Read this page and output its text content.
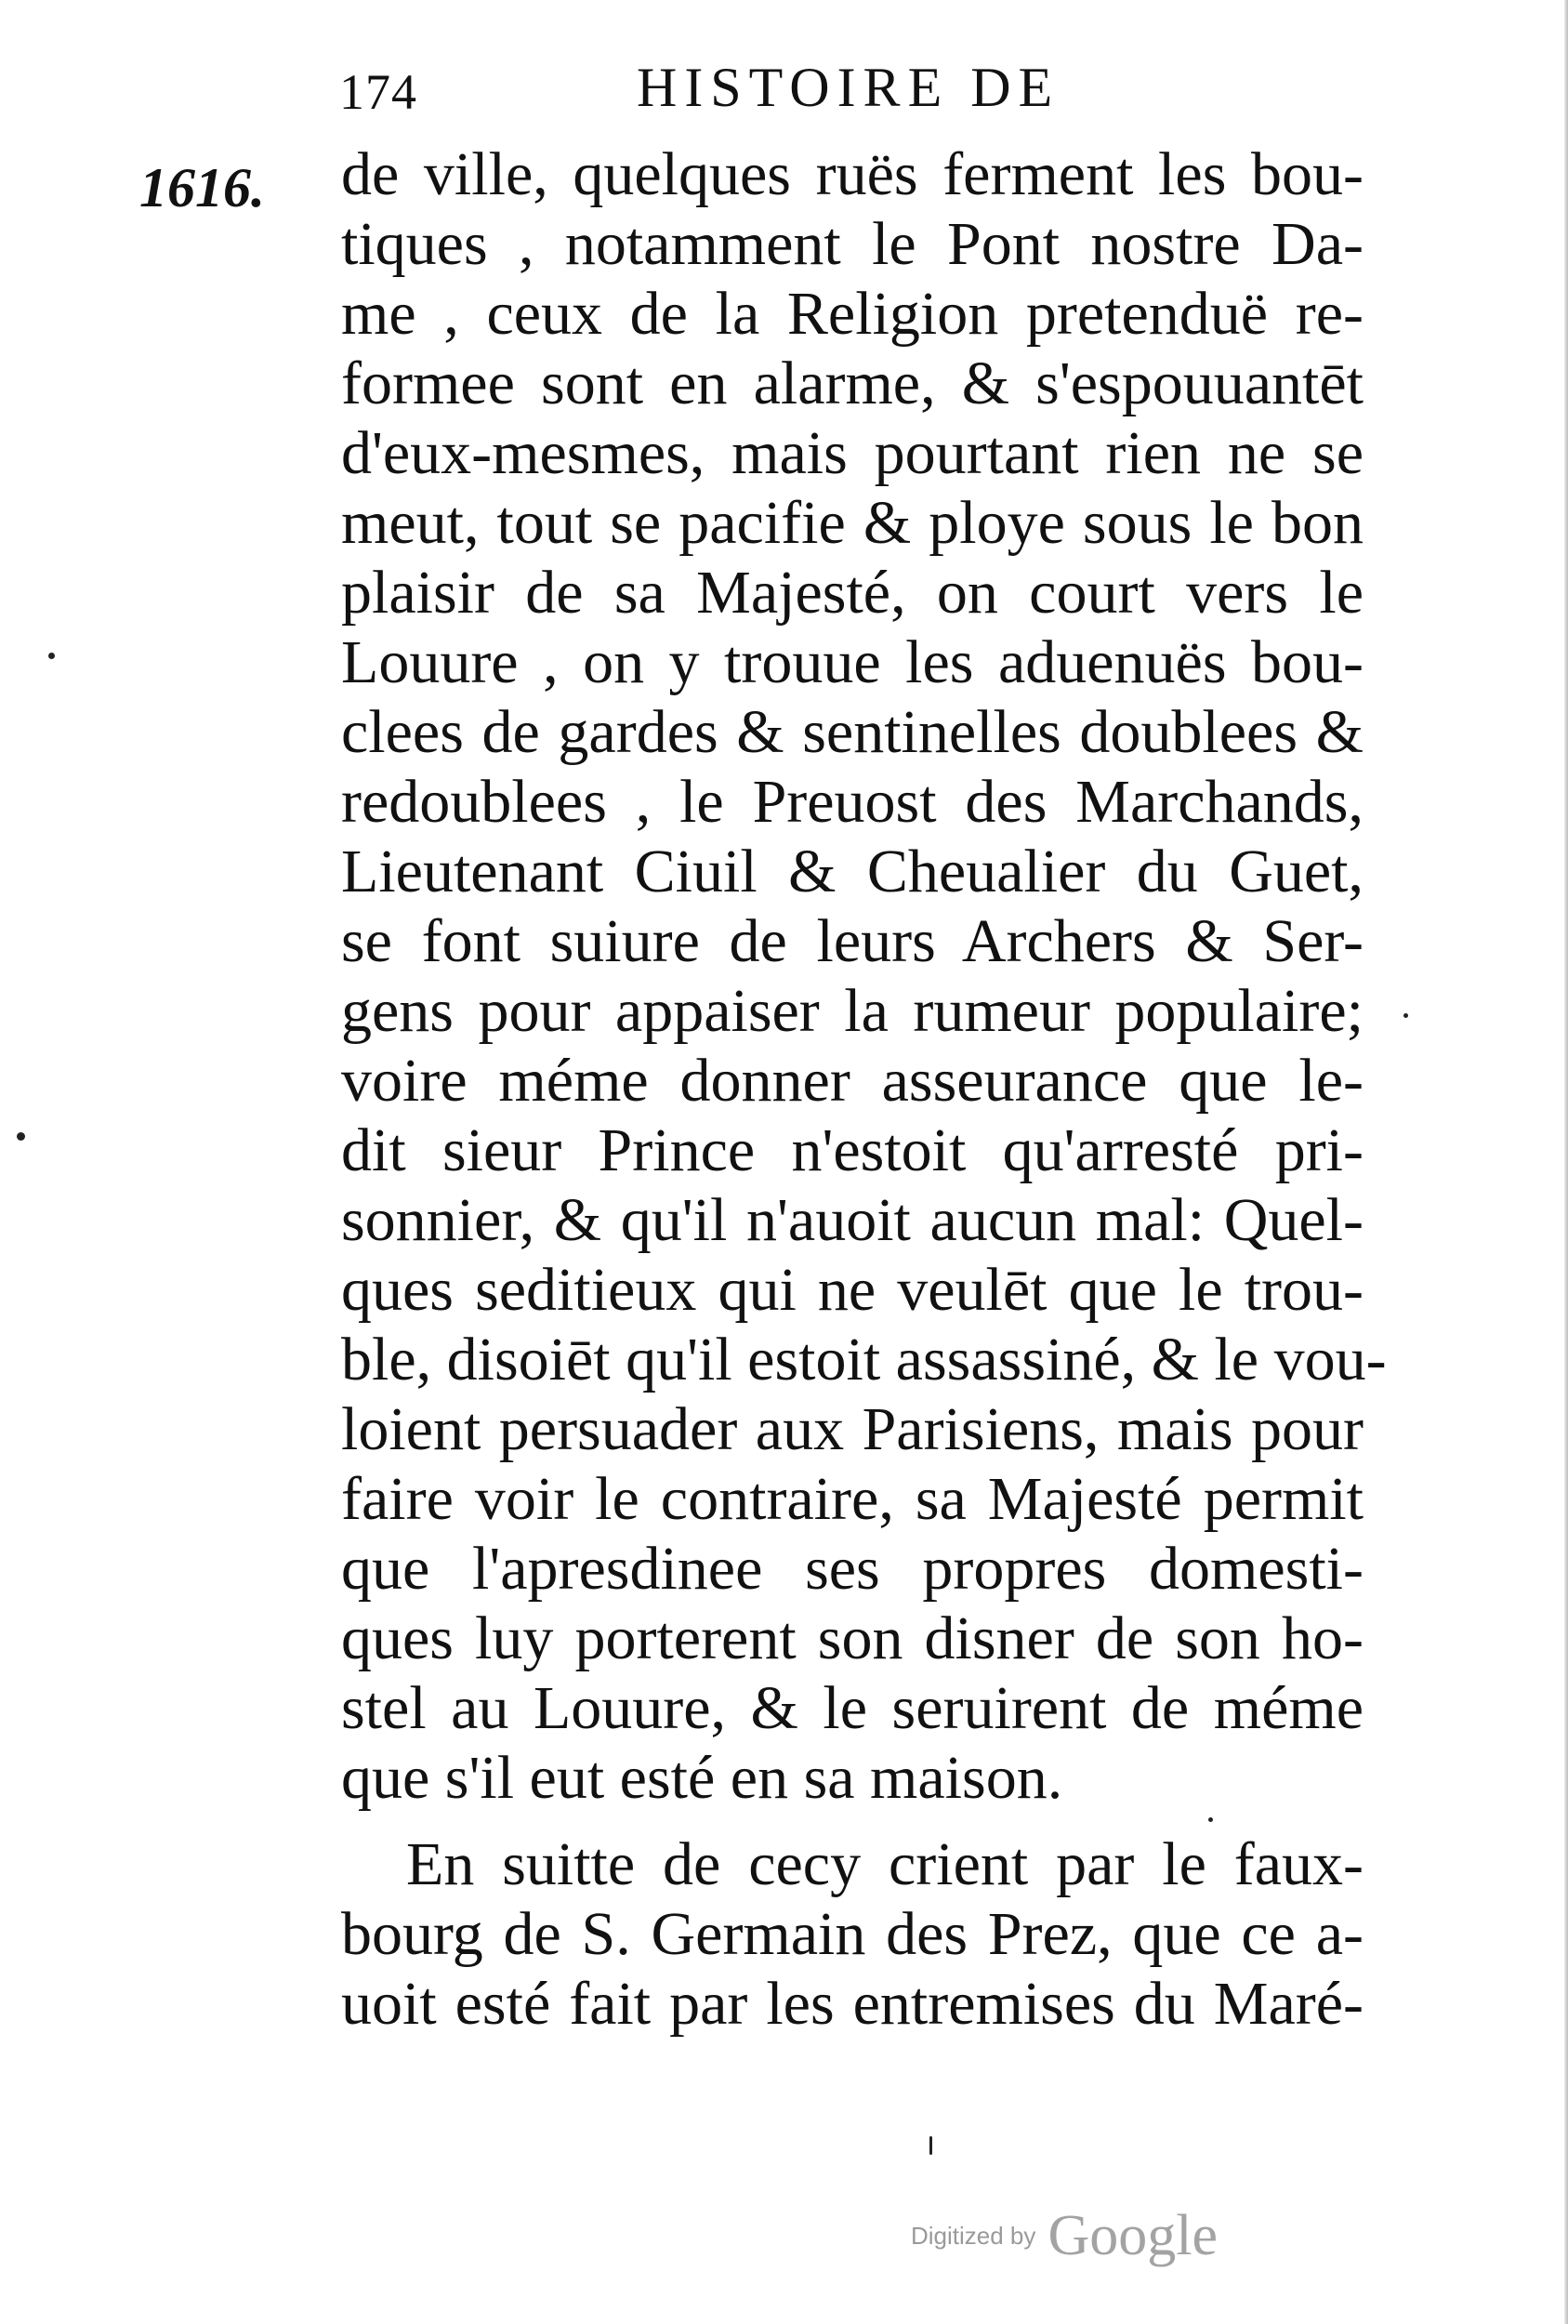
174	HISTOIRE DE
1616. de ville, quelques ruës ferment les bou-
tiques , notamment le Pont nostre Da-
me , ceux de la Religion pretenduë re-
formee sont en alarme, & s'espouuantēt
d'eux-mesmes, mais pourtant rien ne se
meut, tout se pacifie & ploye sous le bon
plaisir de sa Majesté, on court vers le
Louure , on y trouue les aduenuës bou-
clees de gardes & sentinelles doublees &
redoublees , le Preuost des Marchands,
Lieutenant Ciuil & Cheualier du Guet,
se font suiure de leurs Archers & Ser-
gens pour appaiser la rumeur populaire;
voire méme donner asseurance que le-
dit sieur Prince n'estoit qu'arresté pri-
sonnier, & qu'il n'auoit aucun mal: Quel-
ques seditieux qui ne veulēt que le trou-
ble, disoiēt qu'il estoit assassiné, & le vou-
loient persuader aux Parisiens, mais pour
faire voir le contraire, sa Majesté permit
que l'apresdinee ses propres domesti-
ques luy porterent son disner de son ho-
stel au Louure, & le seruirent de méme
que s'il eut esté en sa maison.
En suitte de cecy crient par le faux-
bourg de S. Germain des Prez, que ce a-
uoit esté fait par les entremises du Maré-
Digitized by Google
